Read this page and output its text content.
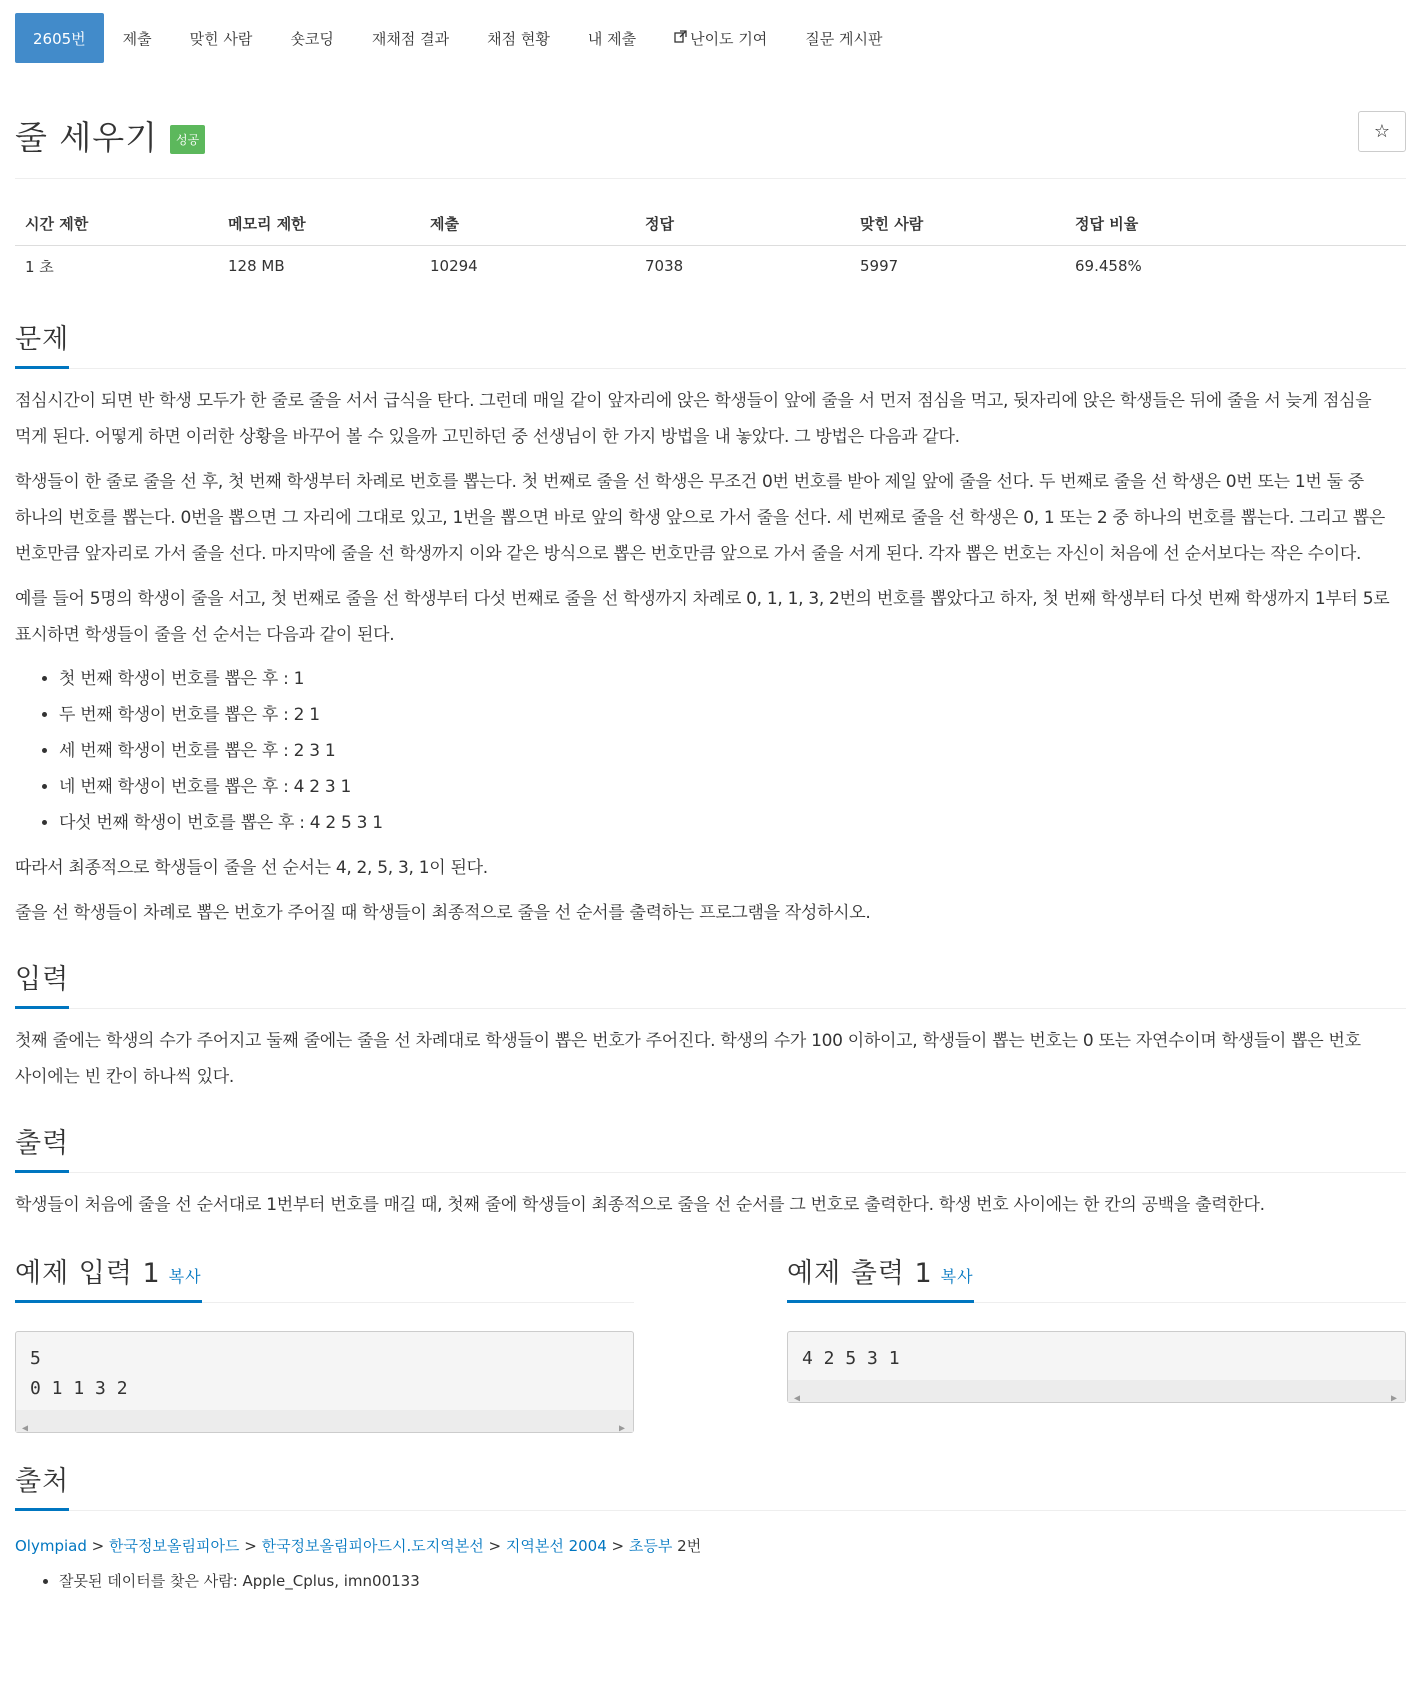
2605번 제출	맞힌 사람	숏코딩	재채점 결과	채점 현황	내 제출	난이도 기여	질문 게시판
줄 세우기	성공	☆
시간 제한	메모리 제한	제출	정답	맞힌 사람	정답 비율
1 초	128 MB	10294	7038	5997	69.458%
문제

점심시간이 되면 반 학생 모두가 한 줄로 줄을 서서 급식을 탄다. 그런데 매일 같이 앞자리에 앉은 학생들이 앞에 줄을 서 먼저 점심을 먹고, 뒷자리에 앉은 학생들은 뒤에 줄을 서 늦게 점심을 먹게 된다. 어떻게 하면 이러한 상황을 바꾸어 볼 수 있을까 고민하던 중 선생님이 한 가지 방법을 내 놓았다. 그 방법은 다음과 같다.

학생들이 한 줄로 줄을 선 후, 첫 번째 학생부터 차례로 번호를 뽑는다. 첫 번째로 줄을 선 학생은 무조건 0번 번호를 받아 제일 앞에 줄을 선다. 두 번째로 줄을 선 학생은 0번 또는 1번 둘 중 하나의 번호를 뽑는다. 0번을 뽑으면 그 자리에 그대로 있고, 1번을 뽑으면 바로 앞의 학생 앞으로 가서 줄을 선다. 세 번째로 줄을 선 학생은 0, 1 또는 2 중 하나의 번호를 뽑는다. 그리고 뽑은 번호만큼 앞자리로 가서 줄을 선다. 마지막에 줄을 선 학생까지 이와 같은 방식으로 뽑은 번호만큼 앞으로 가서 줄을 서게 된다. 각자 뽑은 번호는 자신이 처음에 선 순서보다는 작은 수이다.

예를 들어 5명의 학생이 줄을 서고, 첫 번째로 줄을 선 학생부터 다섯 번째로 줄을 선 학생까지 차례로 0, 1, 1, 3, 2번의 번호를 뽑았다고 하자, 첫 번째 학생부터 다섯 번째 학생까지 1부터 5로 표시하면 학생들이 줄을 선 순서는 다음과 같이 된다.

• 첫 번째 학생이 번호를 뽑은 후 : 1
• 두 번째 학생이 번호를 뽑은 후 : 2 1
• 세 번째 학생이 번호를 뽑은 후 : 2 3 1
• 네 번째 학생이 번호를 뽑은 후 : 4 2 3 1
• 다섯 번째 학생이 번호를 뽑은 후 : 4 2 5 3 1

따라서 최종적으로 학생들이 줄을 선 순서는 4, 2, 5, 3, 1이 된다.

줄을 선 학생들이 차례로 뽑은 번호가 주어질 때 학생들이 최종적으로 줄을 선 순서를 출력하는 프로그램을 작성하시오.

입력

첫째 줄에는 학생의 수가 주어지고 둘째 줄에는 줄을 선 차례대로 학생들이 뽑은 번호가 주어진다. 학생의 수가 100 이하이고, 학생들이 뽑는 번호는 0 또는 자연수이며 학생들이 뽑은 번호 사이에는 빈 칸이 하나씩 있다.

출력

학생들이 처음에 줄을 선 순서대로 1번부터 번호를 매길 때, 첫째 줄에 학생들이 최종적으로 줄을 선 순서를 그 번호로 출력한다. 학생 번호 사이에는 한 칸의 공백을 출력한다.

예제 입력 1 복사
5
0 1 1 3 2

◀	▶
예제 출력 1 복사
4 2 5 3 1

◀	▶
출처
Olympiad > 한국정보올림피아드 > 한국정보올림피아드시.도지역본선 > 지역본선 2004 > 초등부 2번
• 잘못된 데이터를 찾은 사람: Apple_Cplus, imn00133
